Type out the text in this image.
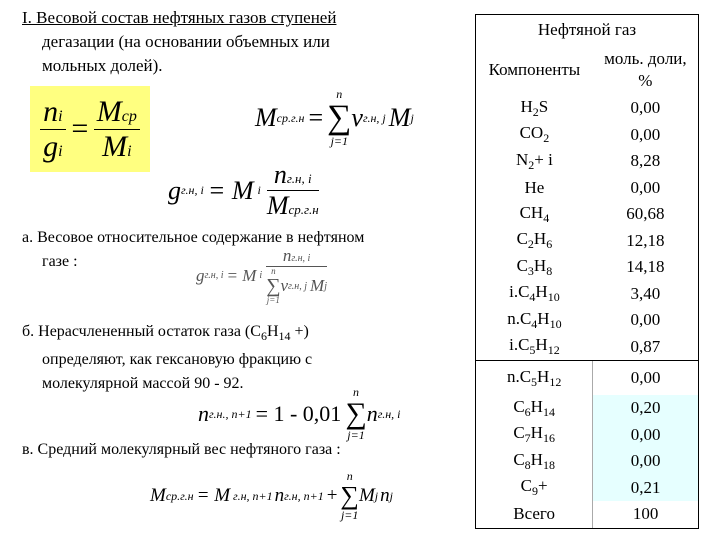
I. Весовой состав нефтяных газов ступеней
дегазации (на основании объемных или
мольных долей).
$\frac{ni}{gi} = \frac{\text{Mср}}{Mi}$	M ср.г.н =
n
∑
j=1
ν г.н, j M j
g г.н, i = M i $\frac{nг.н, i}{\text{Mср.г.н}}$
а. Весовое относительное содержание в нефтяном
газе :
g г.н, i = M i nг.н, i
n
∑
j=1
ν г.н, j M j
б. Нерасчлененный остаток газа ($С_6Н_{14}$ +)
определяют, как гексановую фракцию с
молекулярной массой 90 - 92.
n г.н., n+1 = 1 - 0,01
n
∑
j=1
n г.н, i
в. Средний молекулярный вес нефтяного газа :
M ср.г.н = M г.н, n+1 n г.н, n+1 +
n
∑
j=1
M j n j
Нефтяной газ	
Компоненты	моль. доли,
%

$H_2S$	0,00
$CO_2$	0,00
$N_2+ i$	8,28
He	0,00
$CH_4$	60,68
$C_2H_6$	12,18
$C_3H_8$	14,18
$i.C_4H_{10}$	3,40
$n.C_4H_{10}$	0,00
$i.C_5H_{12}$	0,87
$n.C_5H_{12}$	0,00
$C_6H_{14}$	0,20
$C_7H_{16}$	0,00
$C_8H_{18}$	0,00
$C_9+$	0,21
Всего	100
